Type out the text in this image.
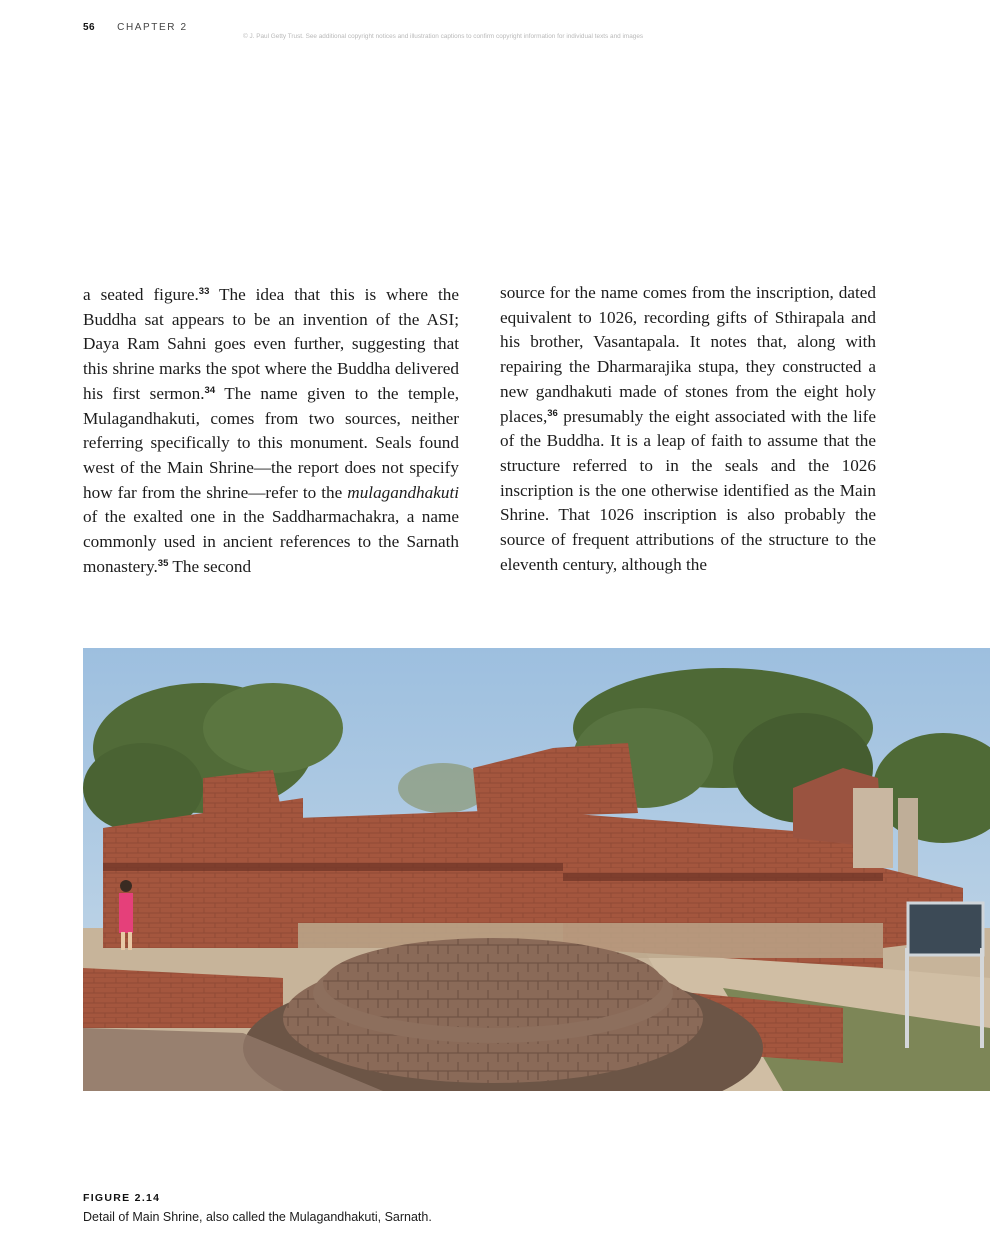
56 CHAPTER 2
© J. Paul Getty Trust. See additional copyright notices and illustration captions to confirm copyright information for individual texts and images

a seated figure.$^{33}$ The idea that this is where the Buddha sat appears to be an invention of the ASI; Daya Ram Sahni goes even further, suggesting that this shrine marks the spot where the Buddha delivered his first sermon.$^{34}$ The name given to the temple, Mulagandhakuti, comes from two sources, neither referring specifically to this monument. Seals found west of the Main Shrine—the report does not specify how far from the shrine—refer to the mulagandhakuti of the exalted one in the Saddharmachakra, a name commonly used in ancient references to the Sarnath monastery.$^{35}$ The second

source for the name comes from the inscription, dated equivalent to 1026, recording gifts of Sthirapala and his brother, Vasantapala. It notes that, along with repairing the Dharmarajika stupa, they constructed a new gandhakuti made of stones from the eight holy places,$^{36}$ presumably the eight associated with the life of the Buddha. It is a leap of faith to assume that the structure referred to in the seals and the 1026 inscription is the one otherwise identified as the Main Shrine. That 1026 inscription is also probably the source of frequent attributions of the structure to the eleventh century, although the

FIGURE 2.14

Detail of Main Shrine, also called the Mulagandhakuti, Sarnath.
